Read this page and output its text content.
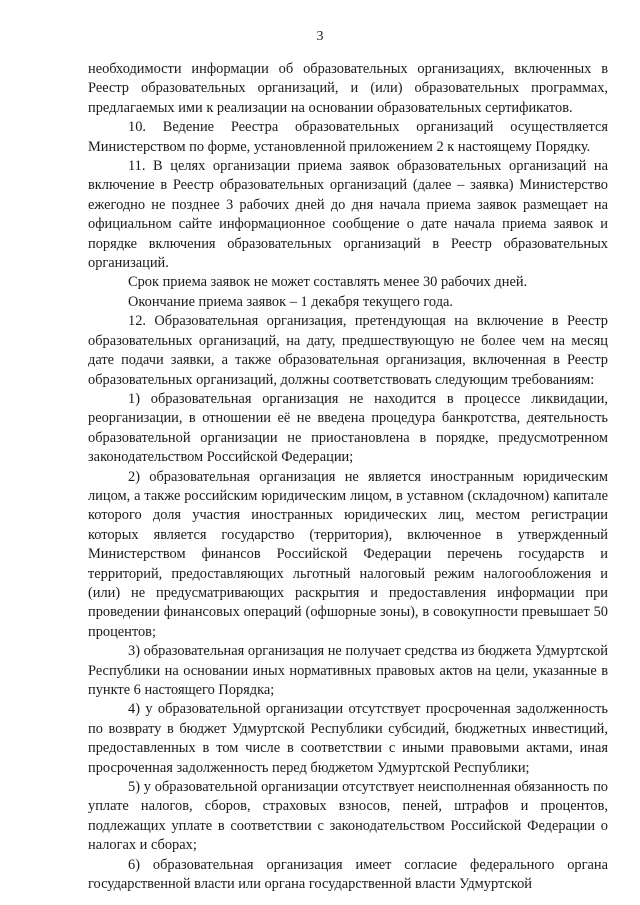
3

необходимости информации об образовательных организациях, включенных в Реестр образовательных организаций, и (или) образовательных программах, предлагаемых ими к реализации на основании образовательных сертификатов.

10. Ведение Реестра образовательных организаций осуществляется Министерством по форме, установленной приложением 2 к настоящему Порядку.

11. В целях организации приема заявок образовательных организаций на включение в Реестр образовательных организаций (далее – заявка) Министерство ежегодно не позднее 3 рабочих дней до дня начала приема заявок размещает на официальном сайте информационное сообщение о дате начала приема заявок и порядке включения образовательных организаций в Реестр образовательных организаций.

Срок приема заявок не может составлять менее 30 рабочих дней.

Окончание приема заявок – 1 декабря текущего года.

12. Образовательная организация, претендующая на включение в Реестр образовательных организаций, на дату, предшествующую не более чем на месяц дате подачи заявки, а также образовательная организация, включенная в Реестр образовательных организаций, должны соответствовать следующим требованиям:

1) образовательная организация не находится в процессе ликвидации, реорганизации, в отношении её не введена процедура банкротства, деятельность образовательной организации не приостановлена в порядке, предусмотренном законодательством Российской Федерации;

2) образовательная организация не является иностранным юридическим лицом, а также российским юридическим лицом, в уставном (складочном) капитале которого доля участия иностранных юридических лиц, местом регистрации которых является государство (территория), включенное в утвержденный Министерством финансов Российской Федерации перечень государств и территорий, предоставляющих льготный налоговый режим налогообложения и (или) не предусматривающих раскрытия и предоставления информации при проведении финансовых операций (офшорные зоны), в совокупности превышает 50 процентов;

3) образовательная организация не получает средства из бюджета Удмуртской Республики на основании иных нормативных правовых актов на цели, указанные в пункте 6 настоящего Порядка;

4) у образовательной организации отсутствует просроченная задолженность по возврату в бюджет Удмуртской Республики субсидий, бюджетных инвестиций, предоставленных в том числе в соответствии с иными правовыми актами, иная просроченная задолженность перед бюджетом Удмуртской Республики;

5) у образовательной организации отсутствует неисполненная обязанность по уплате налогов, сборов, страховых взносов, пеней, штрафов и процентов, подлежащих уплате в соответствии с законодательством Российской Федерации о налогах и сборах;

6) образовательная организация имеет согласие федерального органа государственной власти или органа государственной власти Удмуртской
